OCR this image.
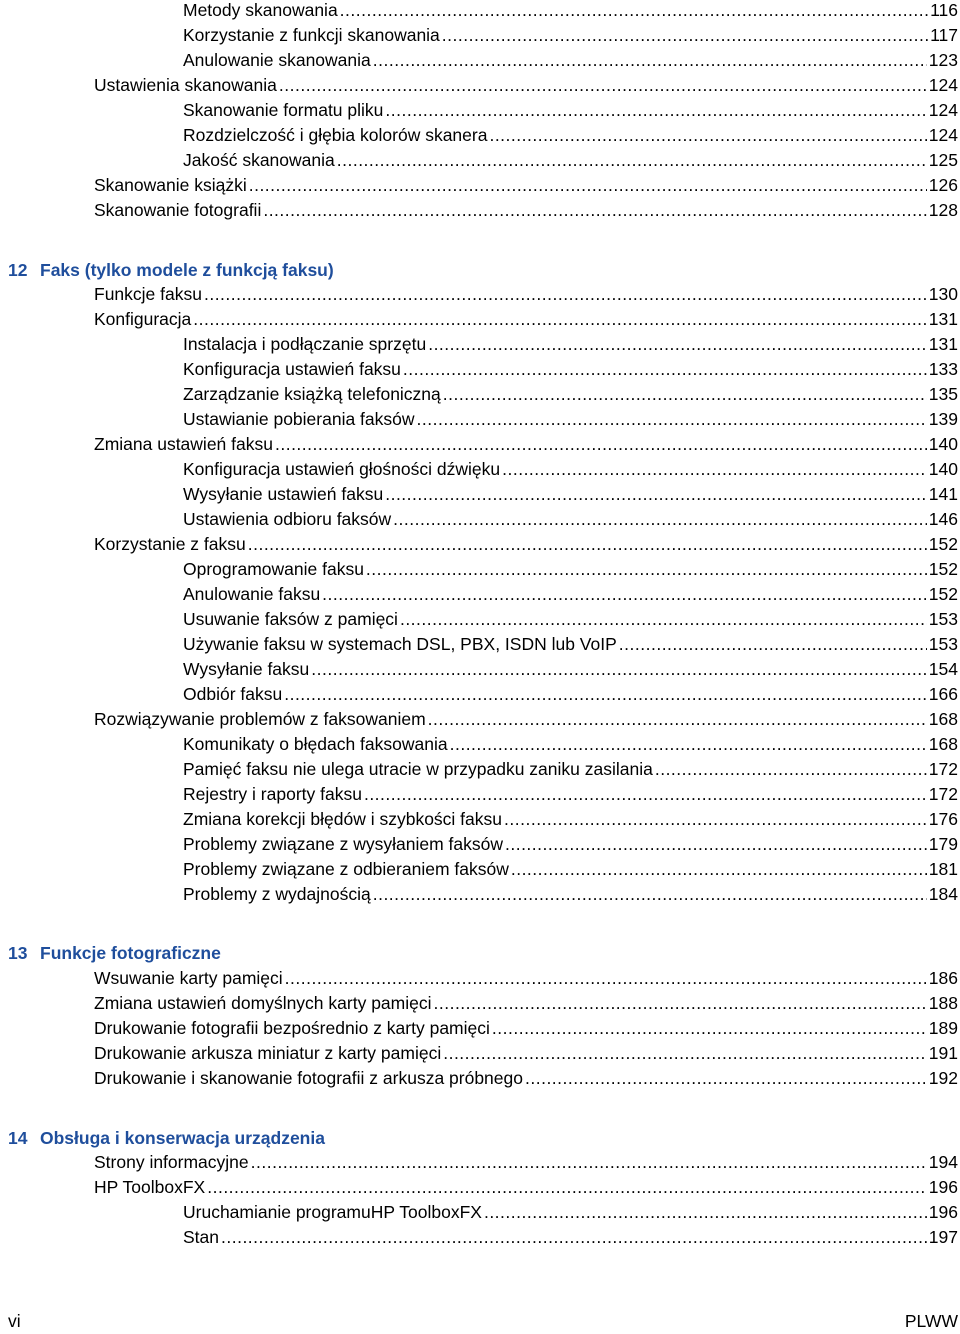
Metody skanowania .....	116
Korzystanie z funkcji skanowania .....	117
Anulowanie skanowania .....	123
Ustawienia skanowania .....	124
Skanowanie formatu pliku .....	124
Rozdzielczość i głębia kolorów skanera .....	124
Jakość skanowania .....	125
Skanowanie książki .....	126
Skanowanie fotografii .....	128
12 Faks (tylko modele z funkcją faksu)
Funkcje faksu .....	130
Konfiguracja .....	131
Instalacja i podłączanie sprzętu .....	131
Konfiguracja ustawień faksu .....	133
Zarządzanie książką telefoniczną .....	135
Ustawianie pobierania faksów .....	139
Zmiana ustawień faksu .....	140
Konfiguracja ustawień głośności dźwięku .....	140
Wysyłanie ustawień faksu .....	141
Ustawienia odbioru faksów .....	146
Korzystanie z faksu .....	152
Oprogramowanie faksu .....	152
Anulowanie faksu .....	152
Usuwanie faksów z pamięci .....	153
Używanie faksu w systemach DSL, PBX, ISDN lub VoIP .....	153
Wysyłanie faksu .....	154
Odbiór faksu .....	166
Rozwiązywanie problemów z faksowaniem .....	168
Komunikaty o błędach faksowania .....	168
Pamięć faksu nie ulega utracie w przypadku zaniku zasilania .....	172
Rejestry i raporty faksu .....	172
Zmiana korekcji błędów i szybkości faksu .....	176
Problemy związane z wysyłaniem faksów .....	179
Problemy związane z odbieraniem faksów .....	181
Problemy z wydajnością .....	184
13 Funkcje fotograficzne
Wsuwanie karty pamięci .....	186
Zmiana ustawień domyślnych karty pamięci .....	188
Drukowanie fotografii bezpośrednio z karty pamięci .....	189
Drukowanie arkusza miniatur z karty pamięci .....	191
Drukowanie i skanowanie fotografii z arkusza próbnego .....	192
14 Obsługa i konserwacja urządzenia
Strony informacyjne .....	194
HP ToolboxFX .....	196
Uruchamianie programuHP ToolboxFX .....	196
Stan .....	197
vi	PLWW
